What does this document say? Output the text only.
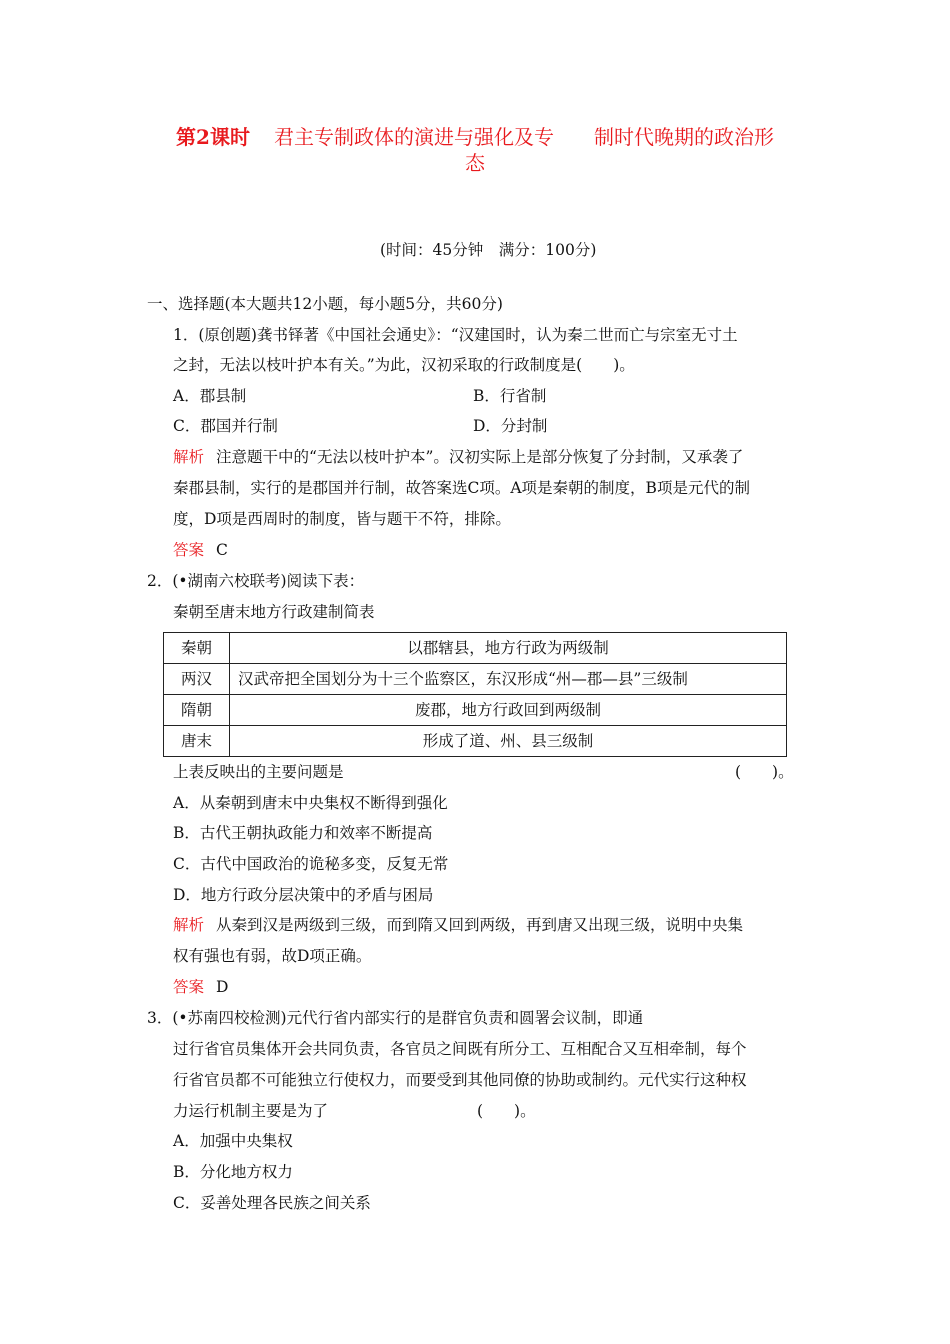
第2课时 君主专制政体的演进与强化及专 制时代晚期的政治形
态
(时间：45分钟　满分：100分)
一、选择题(本大题共12小题，每小题5分，共60分)
1．(原创题)龚书铎著《中国社会通史》：“汉建国时，认为秦二世而亡与宗室无寸土
之封，无法以枝叶护本有关。”为此，汉初采取的行政制度是(　　)。
A．郡县制	B．行省制
C．郡国并行制	D．分封制
解析 注意题干中的“无法以枝叶护本”。汉初实际上是部分恢复了分封制，又承袭了
秦郡县制，实行的是郡国并行制，故答案选C项。A项是秦朝的制度，B项是元代的制
度，D项是西周时的制度，皆与题干不符，排除。
答案 C
2．(•湖南六校联考)阅读下表：
秦朝至唐末地方行政建制简表
秦朝	以郡辖县，地方行政为两级制
两汉	汉武帝把全国划分为十三个监察区，东汉形成“州—郡—县”三级制
隋朝	废郡，地方行政回到两级制
唐末	形成了道、州、县三级制
上表反映出的主要问题是	(　　)。
A．从秦朝到唐末中央集权不断得到强化
B．古代王朝执政能力和效率不断提高
C．古代中国政治的诡秘多变，反复无常
D．地方行政分层决策中的矛盾与困局
解析 从秦到汉是两级到三级，而到隋又回到两级，再到唐又出现三级，说明中央集
权有强也有弱，故D项正确。
答案 D
3．(•苏南四校检测)元代行省内部实行的是群官负责和圆署会议制，即通
过行省官员集体开会共同负责，各官员之间既有所分工、互相配合又互相牵制，每个
行省官员都不可能独立行使权力，而要受到其他同僚的协助或制约。元代实行这种权
力运行机制主要是为了	(　　)。
A．加强中央集权
B．分化地方权力
C．妥善处理各民族之间关系
